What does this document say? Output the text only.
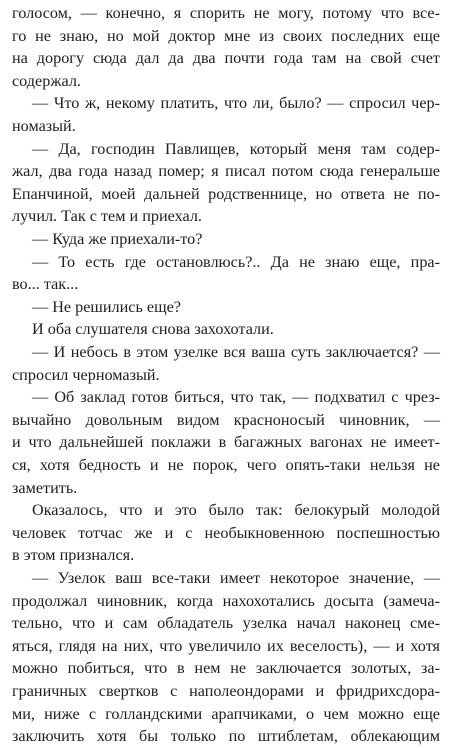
голосом, — конечно, я спорить не могу, потому что все-
го не знаю, но мой доктор мне из своих последних еще
на дорогу сюда дал да два почти года там на свой счет
содержал.
— Что ж, некому платить, что ли, было? — спросил чер-
номазый.
— Да, господин Павлищев, который меня там содер-
жал, два года назад помер; я писал потом сюда генеральше
Епанчиной, моей дальней родственнице, но ответа не по-
лучил. Так с тем и приехал.
— Куда же приехали-то?
— То есть где остановлюсь?.. Да не знаю еще, пра-
во... так...
— Не решились еще?
И оба слушателя снова захохотали.
— И небось в этом узелке вся ваша суть заключается? —
спросил черномазый.
— Об заклад готов биться, что так, — подхватил с чрез-
вычайно довольным видом красноносый чиновник, —
и что дальнейшей поклажи в багажных вагонах не имеет-
ся, хотя бедность и не порок, чего опять-таки нельзя не
заметить.
Оказалось, что и это было так: белокурый молодой
человек тотчас же и с необыкновенною поспешностью
в этом признался.
— Узелок ваш все-таки имеет некоторое значение, —
продолжал чиновник, когда нахохотались досыта (замеча-
тельно, что и сам обладатель узелка начал наконец сме-
яться, глядя на них, что увеличило их веселость), — и хотя
можно побиться, что в нем не заключается золотых, за-
граничных свертков с наполеондорами и фридрихсдора-
ми, ниже с голландскими арапчиками, о чем можно еще
заключить хотя бы только по штиблетам, облекающим
